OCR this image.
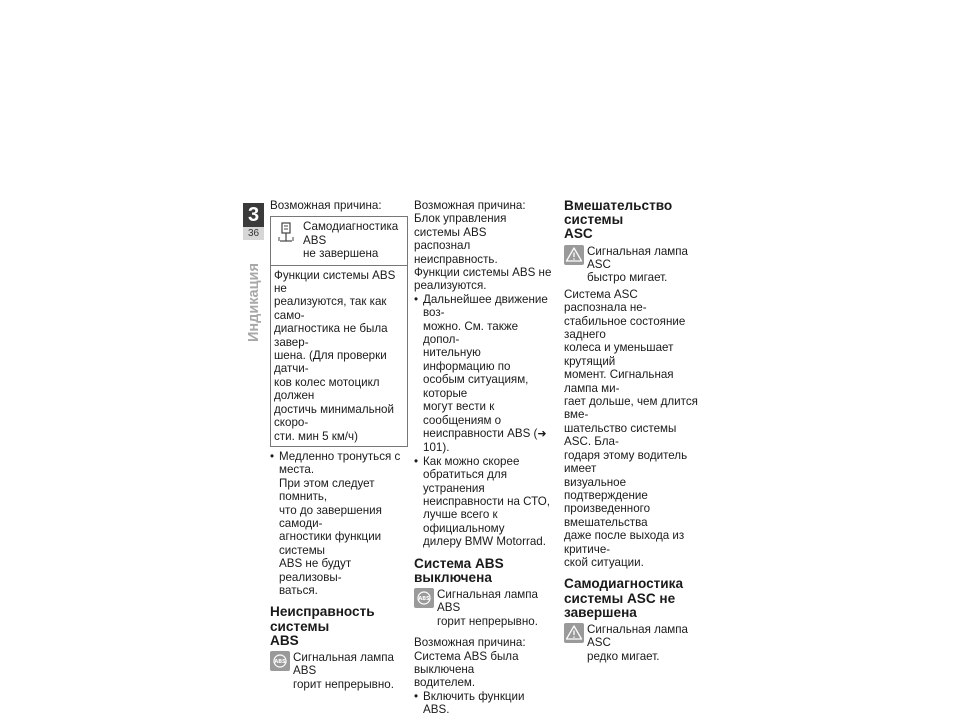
3
36
Индикация

Возможная причина:

Самодиагностика ABS
не завершена
Функции системы ABS не
реализуются, так как само-
диагностика не была завер-
шена. (Для проверки датчи-
ков колес мотоцикл должен
достичь минимальной скоро-
сти. мин 5 км/ч)
• Медленно тронуться с места.
При этом следует помнить,
что до завершения самоди-
агностики функции системы
ABS не будут реализовы-
ваться.
Неисправность системы
ABS
ABS Сигнальная лампа ABS
горит непрерывно.

Возможная причина:

Блок управления системы ABS
распознал неисправность.
Функции системы ABS не
реализуются.
• Дальнейшее движение воз-
можно. См. также допол-
нительную информацию по
особым ситуациям, которые
могут вести к сообщениям о
неисправности ABS (➜ 101).
• Как можно скорее
обратиться для устранения
неисправности на СТО,
лучше всего к официальному
дилеру BMW Motorrad.
Система ABS выключена
ABS Сигнальная лампа ABS
горит непрерывно.

Возможная причина:

Система ABS была выключена
водителем.
• Включить функции ABS.
Вмешательство системы
ASC
Сигнальная лампа ASC
быстро мигает.
Система ASC распознала не-
стабильное состояние заднего
колеса и уменьшает крутящий
момент. Сигнальная лампа ми-
гает дольше, чем длится вме-
шательство системы ASC. Бла-
годаря этому водитель имеет
визуальное подтверждение
произведенного вмешательства
даже после выхода из критиче-
ской ситуации.
Самодиагностика
системы ASC не
завершена
Сигнальная лампа ASC
редко мигает.
